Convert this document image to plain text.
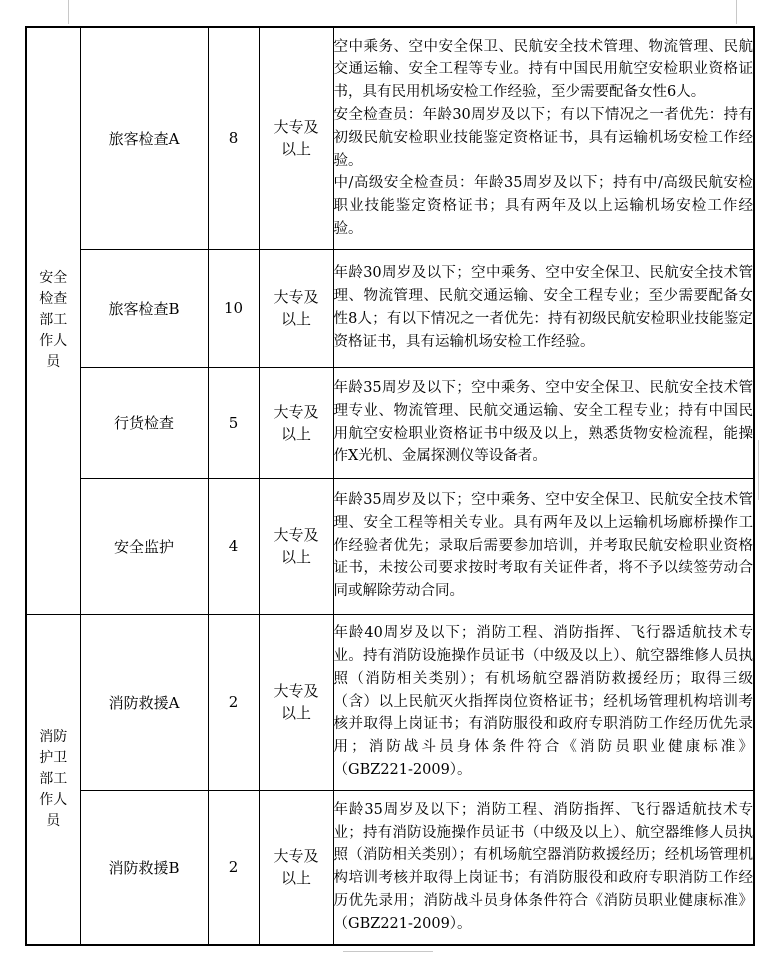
安全检查部工作人员	旅客检查A	8	大专及以上	空中乘务、空中安全保卫、民航安全技术管理、物流管理、民航交通运输、安全工程等专业。持有中国民用航空安检职业资格证书，具有民用机场安检工作经验，至少需要配备女性6人。

安全检查员：年龄30周岁及以下；有以下情况之一者优先：持有初级民航安检职业技能鉴定资格证书，具有运输机场安检工作经验。

中/高级安全检查员：年龄35周岁及以下；持有中/高级民航安检职业技能鉴定资格证书；具有两年及以上运输机场安检工作经验。

	旅客检查B	10	大专及以上	年龄30周岁及以下；空中乘务、空中安全保卫、民航安全技术管理、物流管理、民航交通运输、安全工程专业；至少需要配备女性8人；有以下情况之一者优先：持有初级民航安检职业技能鉴定资格证书，具有运输机场安检工作经验。

	行货检查	5	大专及以上	年龄35周岁及以下；空中乘务、空中安全保卫、民航安全技术管理专业、物流管理、民航交通运输、安全工程专业；持有中国民用航空安检职业资格证书中级及以上，熟悉货物安检流程，能操作X光机、金属探测仪等设备者。

	安全监护	4	大专及以上	年龄35周岁及以下；空中乘务、空中安全保卫、民航安全技术管理、安全工程等相关专业。具有两年及以上运输机场廊桥操作工作经验者优先；录取后需要参加培训，并考取民航安检职业资格证书，未按公司要求按时考取有关证件者，将不予以续签劳动合同或解除劳动合同。

消防护卫部工作人员	消防救援A	2	大专及以上	年龄40周岁及以下；消防工程、消防指挥、飞行器适航技术专业。持有消防设施操作员证书（中级及以上）、航空器维修人员执照（消防相关类别）；有机场航空器消防救援经历；取得三级（含）以上民航灭火指挥岗位资格证书；经机场管理机构培训考核并取得上岗证书；有消防服役和政府专职消防工作经历优先录用；消防战斗员身体条件符合《消防员职业健康标准》（GBZ221-2009）。

	消防救援B	2	大专及以上	年龄35周岁及以下；消防工程、消防指挥、飞行器适航技术专业；持有消防设施操作员证书（中级及以上）、航空器维修人员执照（消防相关类别）；有机场航空器消防救援经历；经机场管理机构培训考核并取得上岗证书；有消防服役和政府专职消防工作经历优先录用；消防战斗员身体条件符合《消防员职业健康标准》（GBZ221-2009）。
